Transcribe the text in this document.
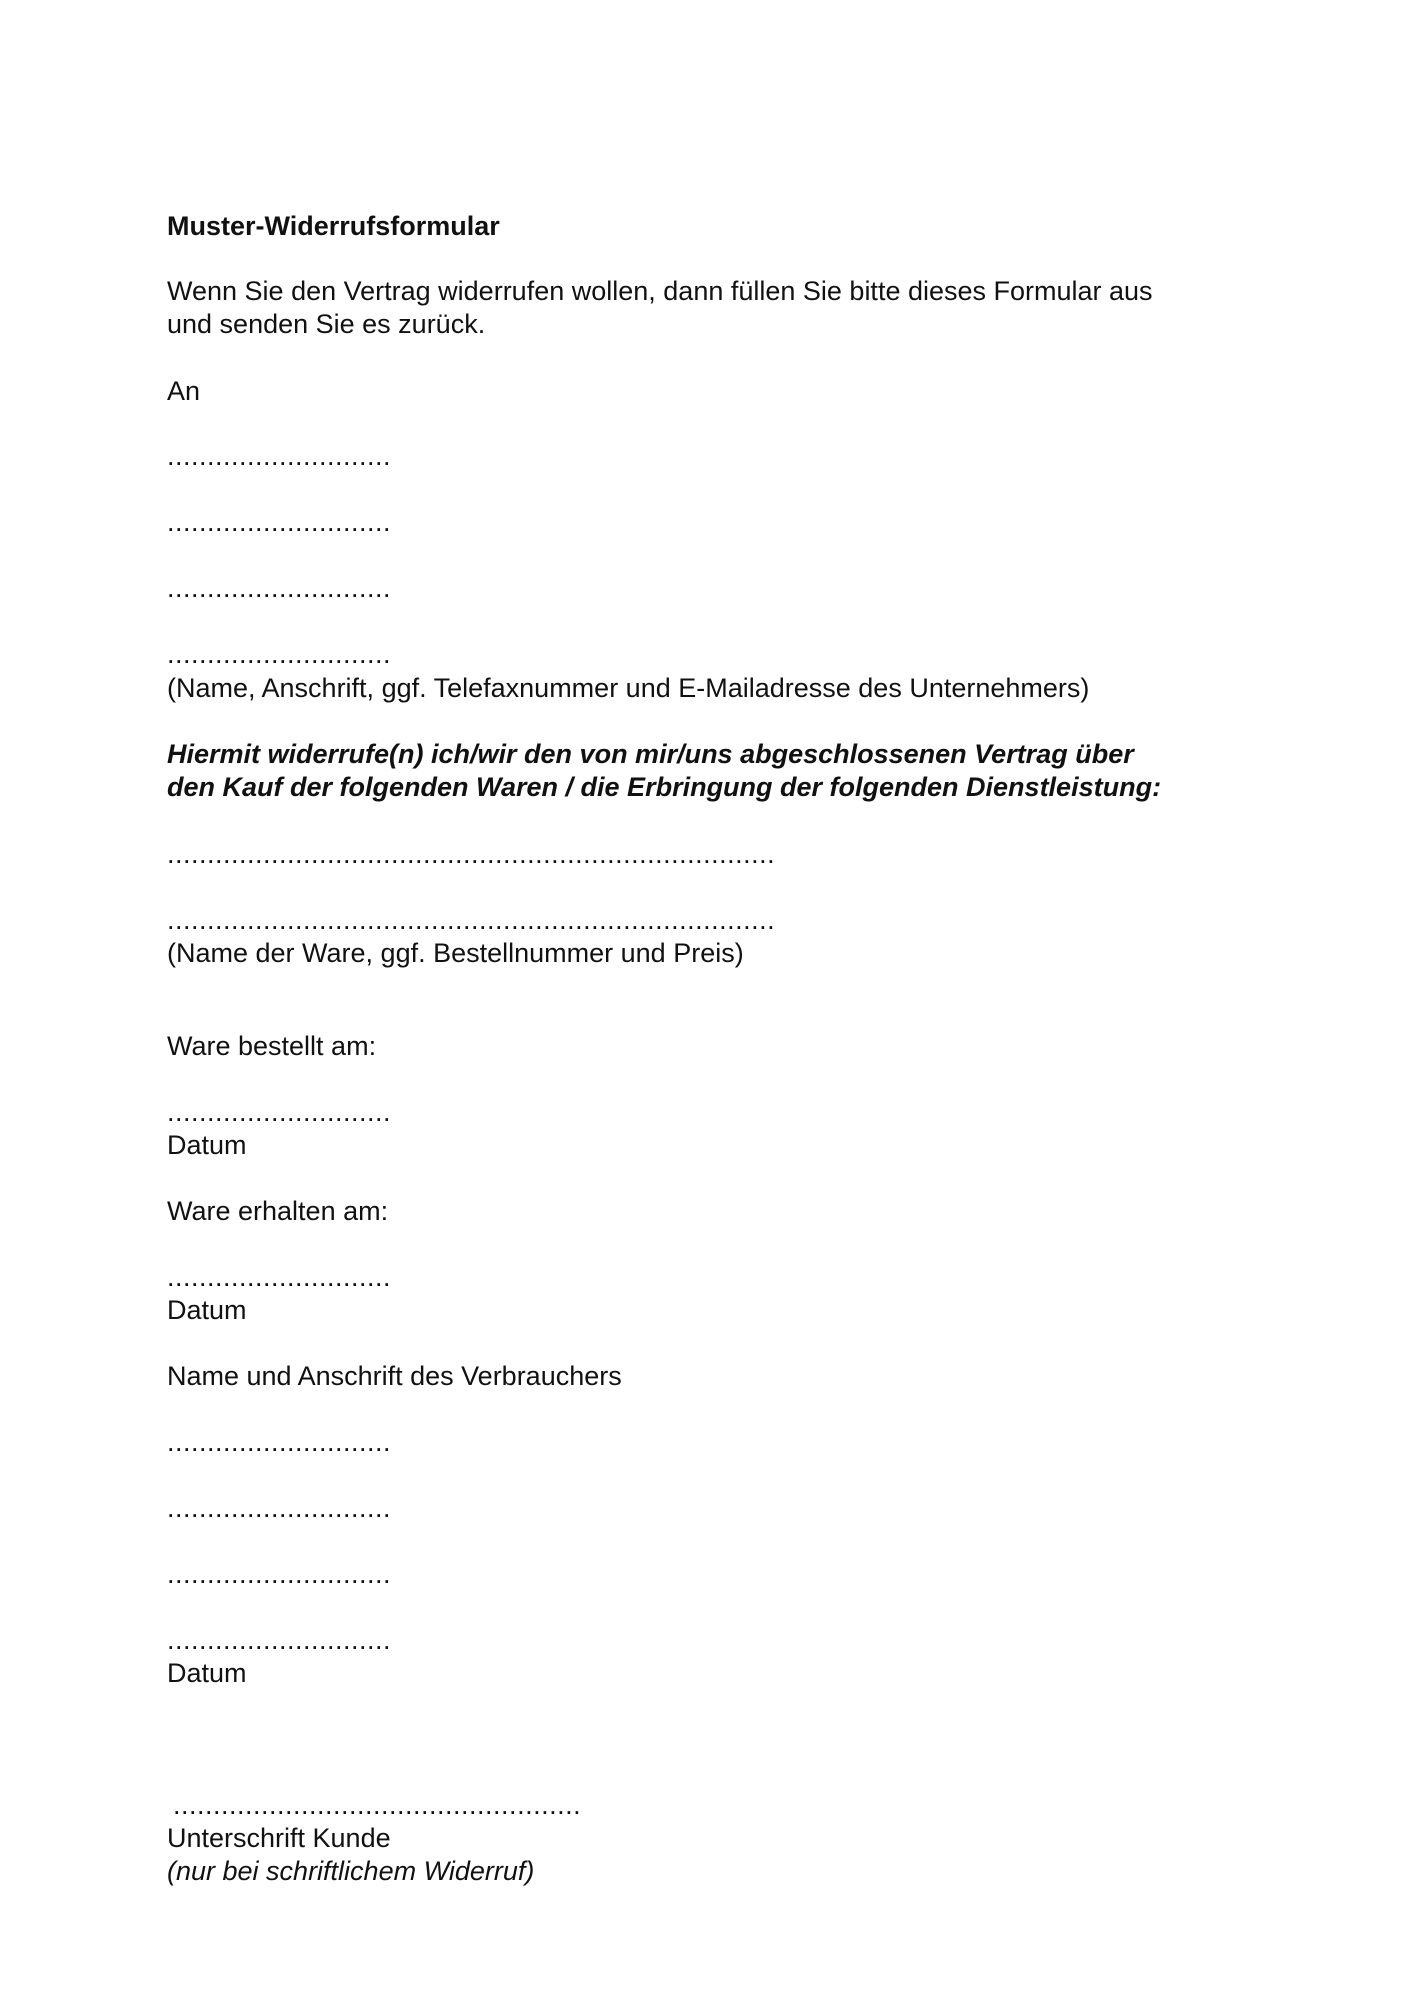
Muster-Widerrufsformular

Wenn Sie den Vertrag widerrufen wollen, dann füllen Sie bitte dieses Formular aus

und senden Sie es zurück.

An

............................

............................

............................

............................

(Name, Anschrift, ggf. Telefaxnummer und E-Mailadresse des Unternehmers)

Hiermit widerrufe(n) ich/wir den von mir/uns abgeschlossenen Vertrag über

den Kauf der folgenden Waren / die Erbringung der folgenden Dienstleistung:

............................................................................

............................................................................

(Name der Ware, ggf. Bestellnummer und Preis)

Ware bestellt am:

............................

Datum

Ware erhalten am:

............................

Datum

Name und Anschrift des Verbrauchers

............................

............................

............................

............................

Datum

...................................................

Unterschrift Kunde

(nur bei schriftlichem Widerruf)
